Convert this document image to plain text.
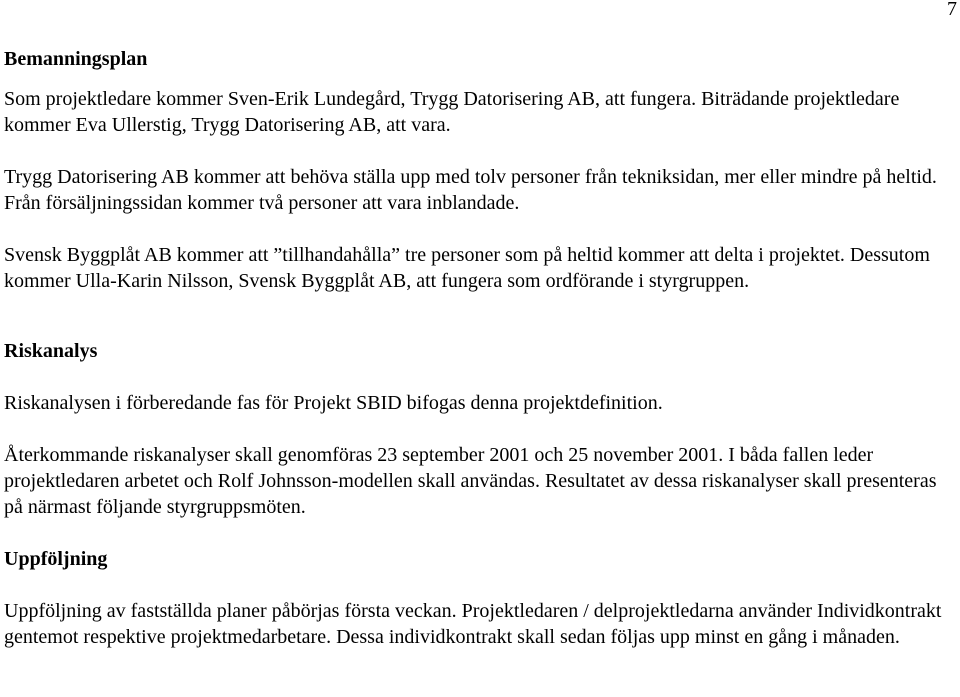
7
Bemanningsplan

Som projektledare kommer Sven-Erik Lundegård, Trygg Datorisering AB, att fungera. Biträdande projektledare kommer Eva Ullerstig, Trygg Datorisering AB, att vara.

Trygg Datorisering AB kommer att behöva ställa upp med tolv personer från tekniksidan, mer eller mindre på heltid. Från försäljningssidan kommer två personer att vara inblandade.

Svensk Byggplåt AB kommer att ”tillhandahålla” tre personer som på heltid kommer att delta i projektet. Dessutom kommer Ulla-Karin Nilsson, Svensk Byggplåt AB, att fungera som ordförande i styrgruppen.

Riskanalys

Riskanalysen i förberedande fas för Projekt SBID bifogas denna projektdefinition.

Återkommande riskanalyser skall genomföras 23 september 2001 och 25 november 2001. I båda fallen leder projektledaren arbetet och Rolf Johnsson-modellen skall användas. Resultatet av dessa riskanalyser skall presenteras på närmast följande styrgruppsmöten.

Uppföljning

Uppföljning av fastställda planer påbörjas första veckan. Projektledaren / delprojektledarna använder Individkontrakt gentemot respektive projektmedarbetare. Dessa individkontrakt skall sedan följas upp minst en gång i månaden.
